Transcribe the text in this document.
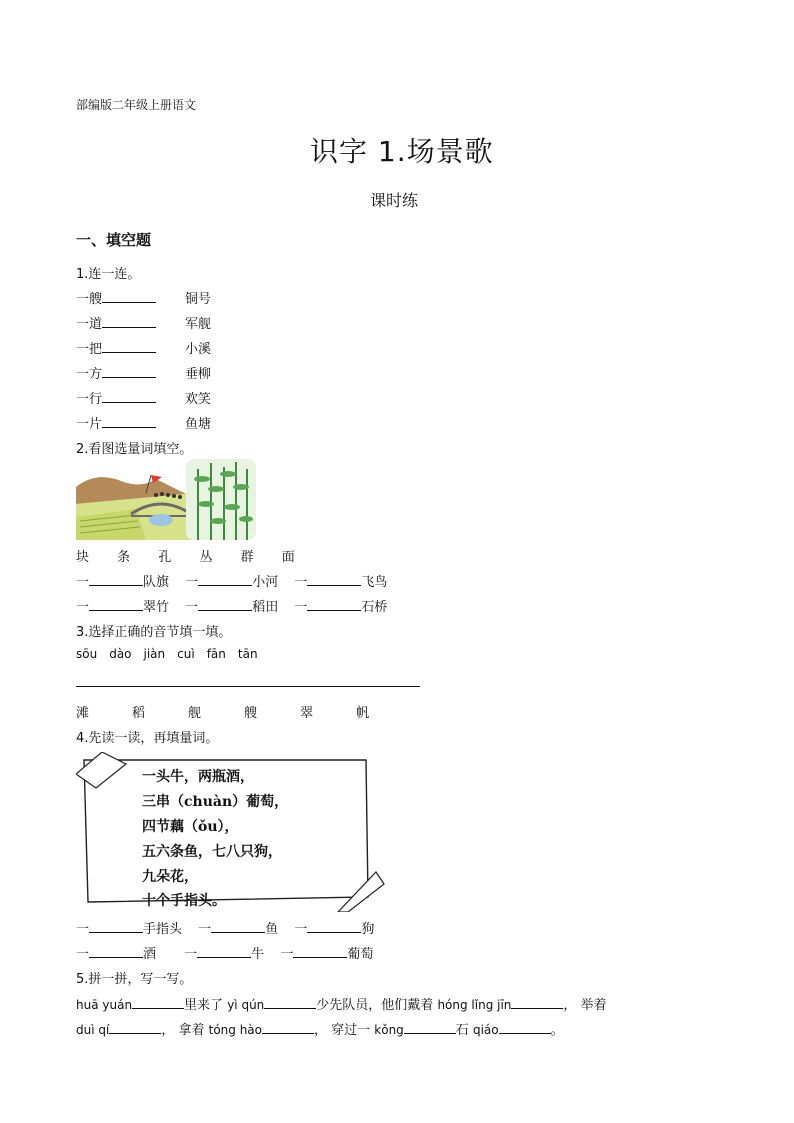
部编版二年级上册语文
识字 1.场景歌
课时练
一、填空题
1.连一连。
一艘	铜号
一道	军舰
一把	小溪
一方	垂柳
一行	欢笑
一片	鱼塘
2.看图选量词填空。
块 条 孔 丛 群 面
一	队旗 一	小河 一	飞鸟
一	翠竹 一	稻田 一	石桥
3.选择正确的音节填一填。
sōu dào jiàn cuì fān tān
滩	稻	舰	艘	翠	帆
4.先读一读，再填量词。
一头牛，两瓶酒，
三串（chuàn）葡萄，
四节藕（ǒu），
五六条鱼，七八只狗，
九朵花，
十个手指头。
一	手指头 一	鱼 一	狗
一	酒 一	牛 一	葡萄
5.拼一拼，写一写。
huā yuán	里来了 yì qún	少先队员，他们戴着 hóng lǐng jīn	， 举着
duì qí	， 拿着 tóng hào	， 穿过一 kǒng	石 qiáo	。
